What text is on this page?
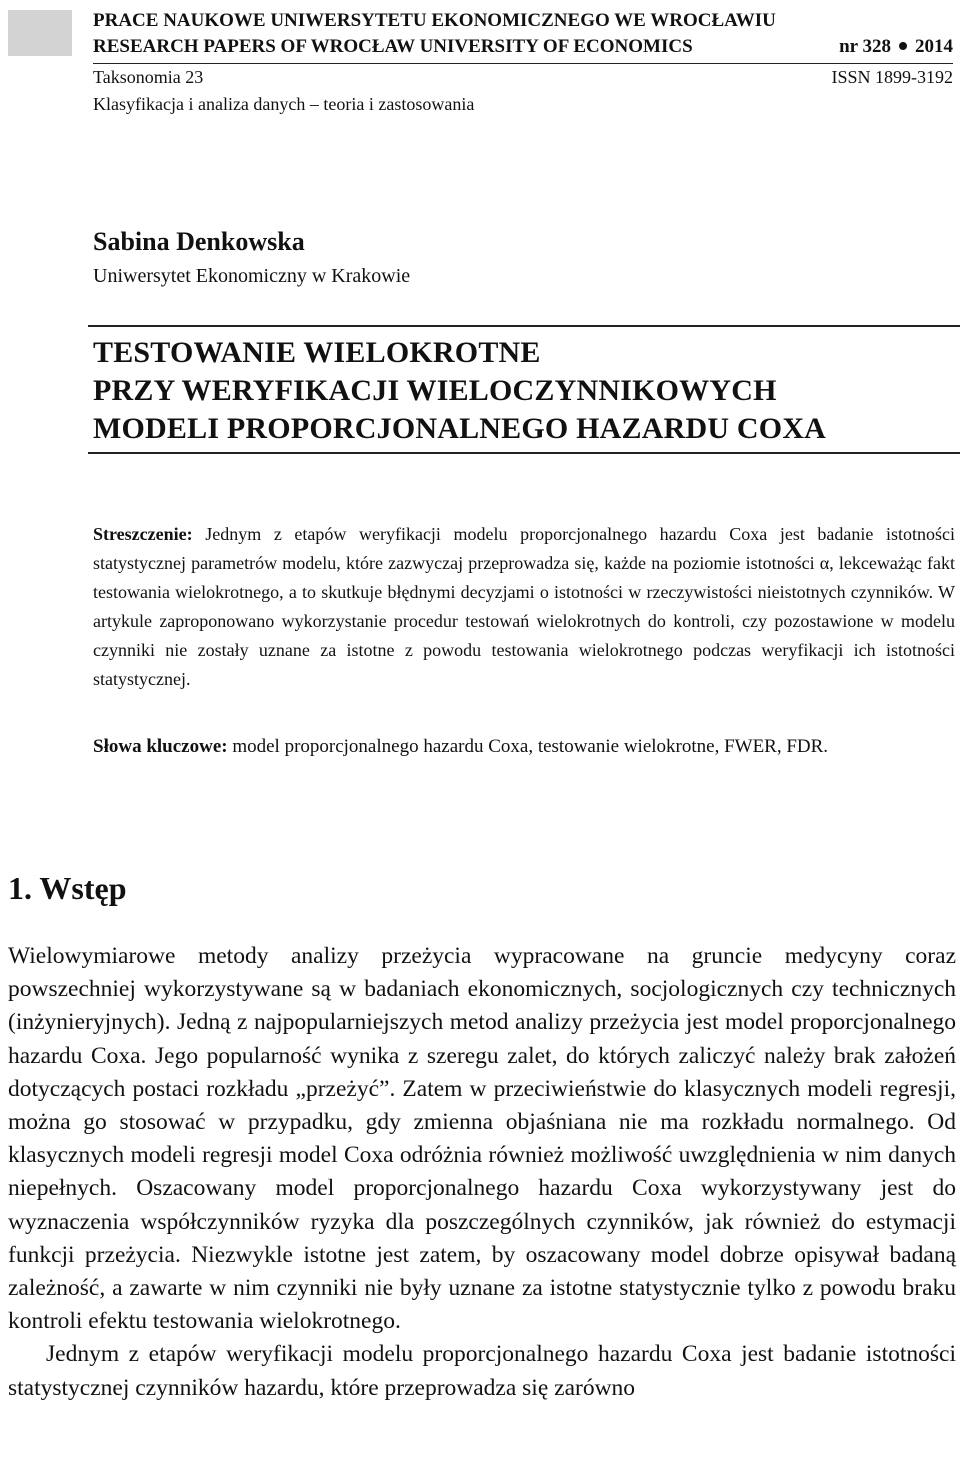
PRACE NAUKOWE UNIWERSYTETU EKONOMICZNEGO WE WROCŁAWIU
RESEARCH PAPERS OF WROCŁAW UNIVERSITY OF ECONOMICS	nr 328 2014
Taksonomia 23	ISSN 1899-3192
Klasyfikacja i analiza danych – teoria i zastosowania
Sabina Denkowska
Uniwersytet Ekonomiczny w Krakowie
TESTOWANIE WIELOKROTNE
PRZY WERYFIKACJI WIELOCZYNNIKOWYCH
MODELI PROPORCJONALNEGO HAZARDU COXA
Streszczenie: Jednym z etapów weryfikacji modelu proporcjonalnego hazardu Coxa jest badanie istotności statystycznej parametrów modelu, które zazwyczaj przeprowadza się, każde na poziomie istotności α, lekceważąc fakt testowania wielokrotnego, a to skutkuje błędnymi decyzjami o istotności w rzeczywistości nieistotnych czynników. W artykule zaproponowano wykorzystanie procedur testowań wielokrotnych do kontroli, czy pozostawione w modelu czynniki nie zostały uznane za istotne z powodu testowania wielokrotnego podczas weryfikacji ich istotności statystycznej.
Słowa kluczowe: model proporcjonalnego hazardu Coxa, testowanie wielokrotne, FWER, FDR.
1. Wstęp

Wielowymiarowe metody analizy przeżycia wypracowane na gruncie medycyny coraz powszechniej wykorzystywane są w badaniach ekonomicznych, socjologicznych czy technicznych (inżynieryjnych). Jedną z najpopularniejszych metod analizy przeżycia jest model proporcjonalnego hazardu Coxa. Jego popularność wynika z szeregu zalet, do których zaliczyć należy brak założeń dotyczących postaci rozkładu „przeżyć”. Zatem w przeciwieństwie do klasycznych modeli regresji, można go stosować w przypadku, gdy zmienna objaśniana nie ma rozkładu normalnego. Od klasycznych modeli regresji model Coxa odróżnia również możliwość uwzględnienia w nim danych niepełnych. Oszacowany model proporcjonalnego hazardu Coxa wykorzystywany jest do wyznaczenia współczynników ryzyka dla poszczególnych czynników, jak również do estymacji funkcji przeżycia. Niezwykle istotne jest zatem, by oszacowany model dobrze opisywał badaną zależność, a zawarte w nim czynniki nie były uznane za istotne statystycznie tylko z powodu braku kontroli efektu testowania wielokrotnego.

Jednym z etapów weryfikacji modelu proporcjonalnego hazardu Coxa jest badanie istotności statystycznej czynników hazardu, które przeprowadza się zarówno
